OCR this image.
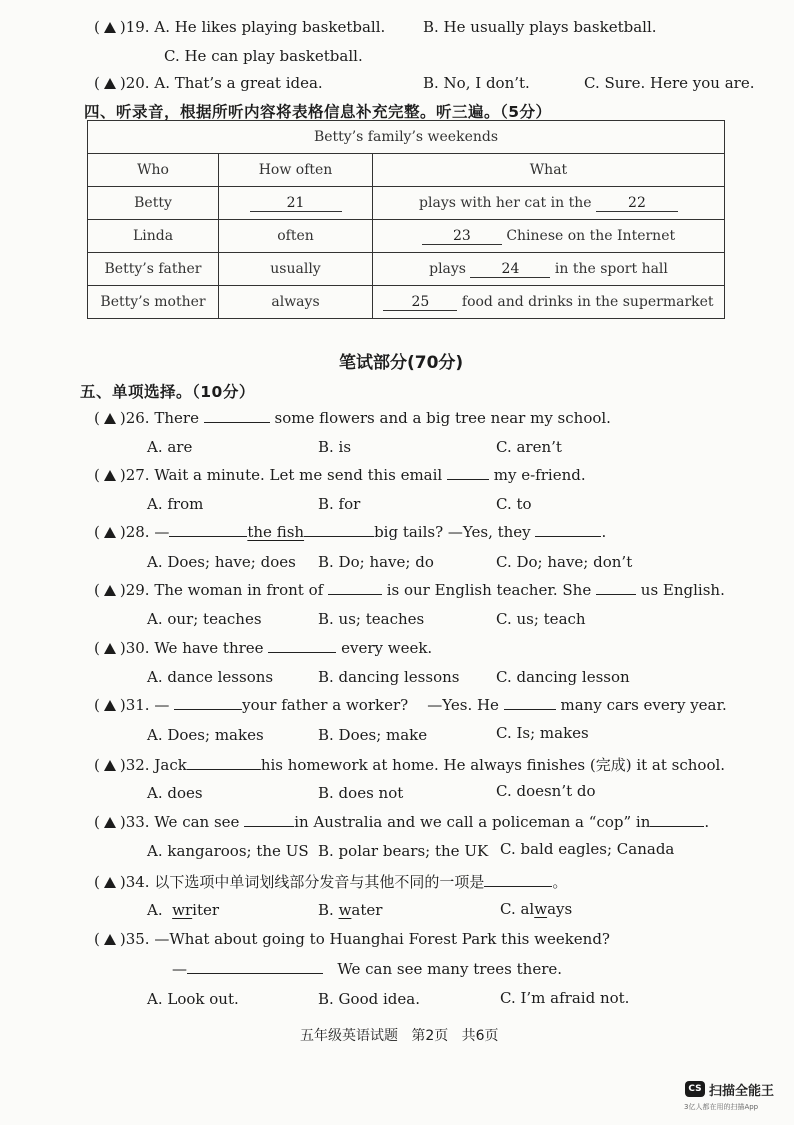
( )19. A. He likes playing basketball.	B. He usually plays basketball.
C. He can play basketball.
( )20. A. That’s a great idea.	B. No, I don’t.	C. Sure. Here you are.
四、听录音，根据所听内容将表格信息补充完整。听三遍。（5分）
Betty’s family’s weekends		
Who	How often	What
Betty	21	plays with her cat in the 22
Linda	often	23 Chinese on the Internet
Betty’s father	usually	plays 24 in the sport hall
Betty’s mother	always	25 food and drinks in the supermarket
笔试部分(70分)
五、单项选择。（10分）
( )26. There	some flowers and a big tree near my school.
A. are	B. is	C. aren’t
( )27. Wait a minute. Let me send this email	my e-friend.
A. from	B. for	C. to
( )28. —	the fish	big tails? —Yes, they	.
A. Does; have; does B. Do; have; do	C. Do; have; don’t
( )29. The woman in front of	is our English teacher. She	us English.
A. our; teaches	B. us; teaches	C. us; teach
( )30. We have three	every week.
A. dance lessons	B. dancing lessons C. dancing lesson
( )31. —	your father a worker? —Yes. He	many cars every year.
A. Does; makes	B. Does; make	C. Is; makes
( )32. Jack	his homework at home. He always finishes (完成) it at school.
A. does	B. does not	C. doesn’t do
( )33. We can see	in Australia and we call a policeman a “cop” in	.
A. kangaroos; the US B. polar bears; the UK C. bald eagles; Canada
( )34. 以下选项中单词划线部分发音与其他不同的一项是	。
A.  writer	B. water	C. always
( )35. —What about going to Huanghai Forest Park this weekend?
—	We can see many trees there.
A. Look out.	B. Good idea.	C. I’m afraid not.
五年级英语试题   第2页   共6页
CS 扫描全能王
3亿人都在用的扫描App
